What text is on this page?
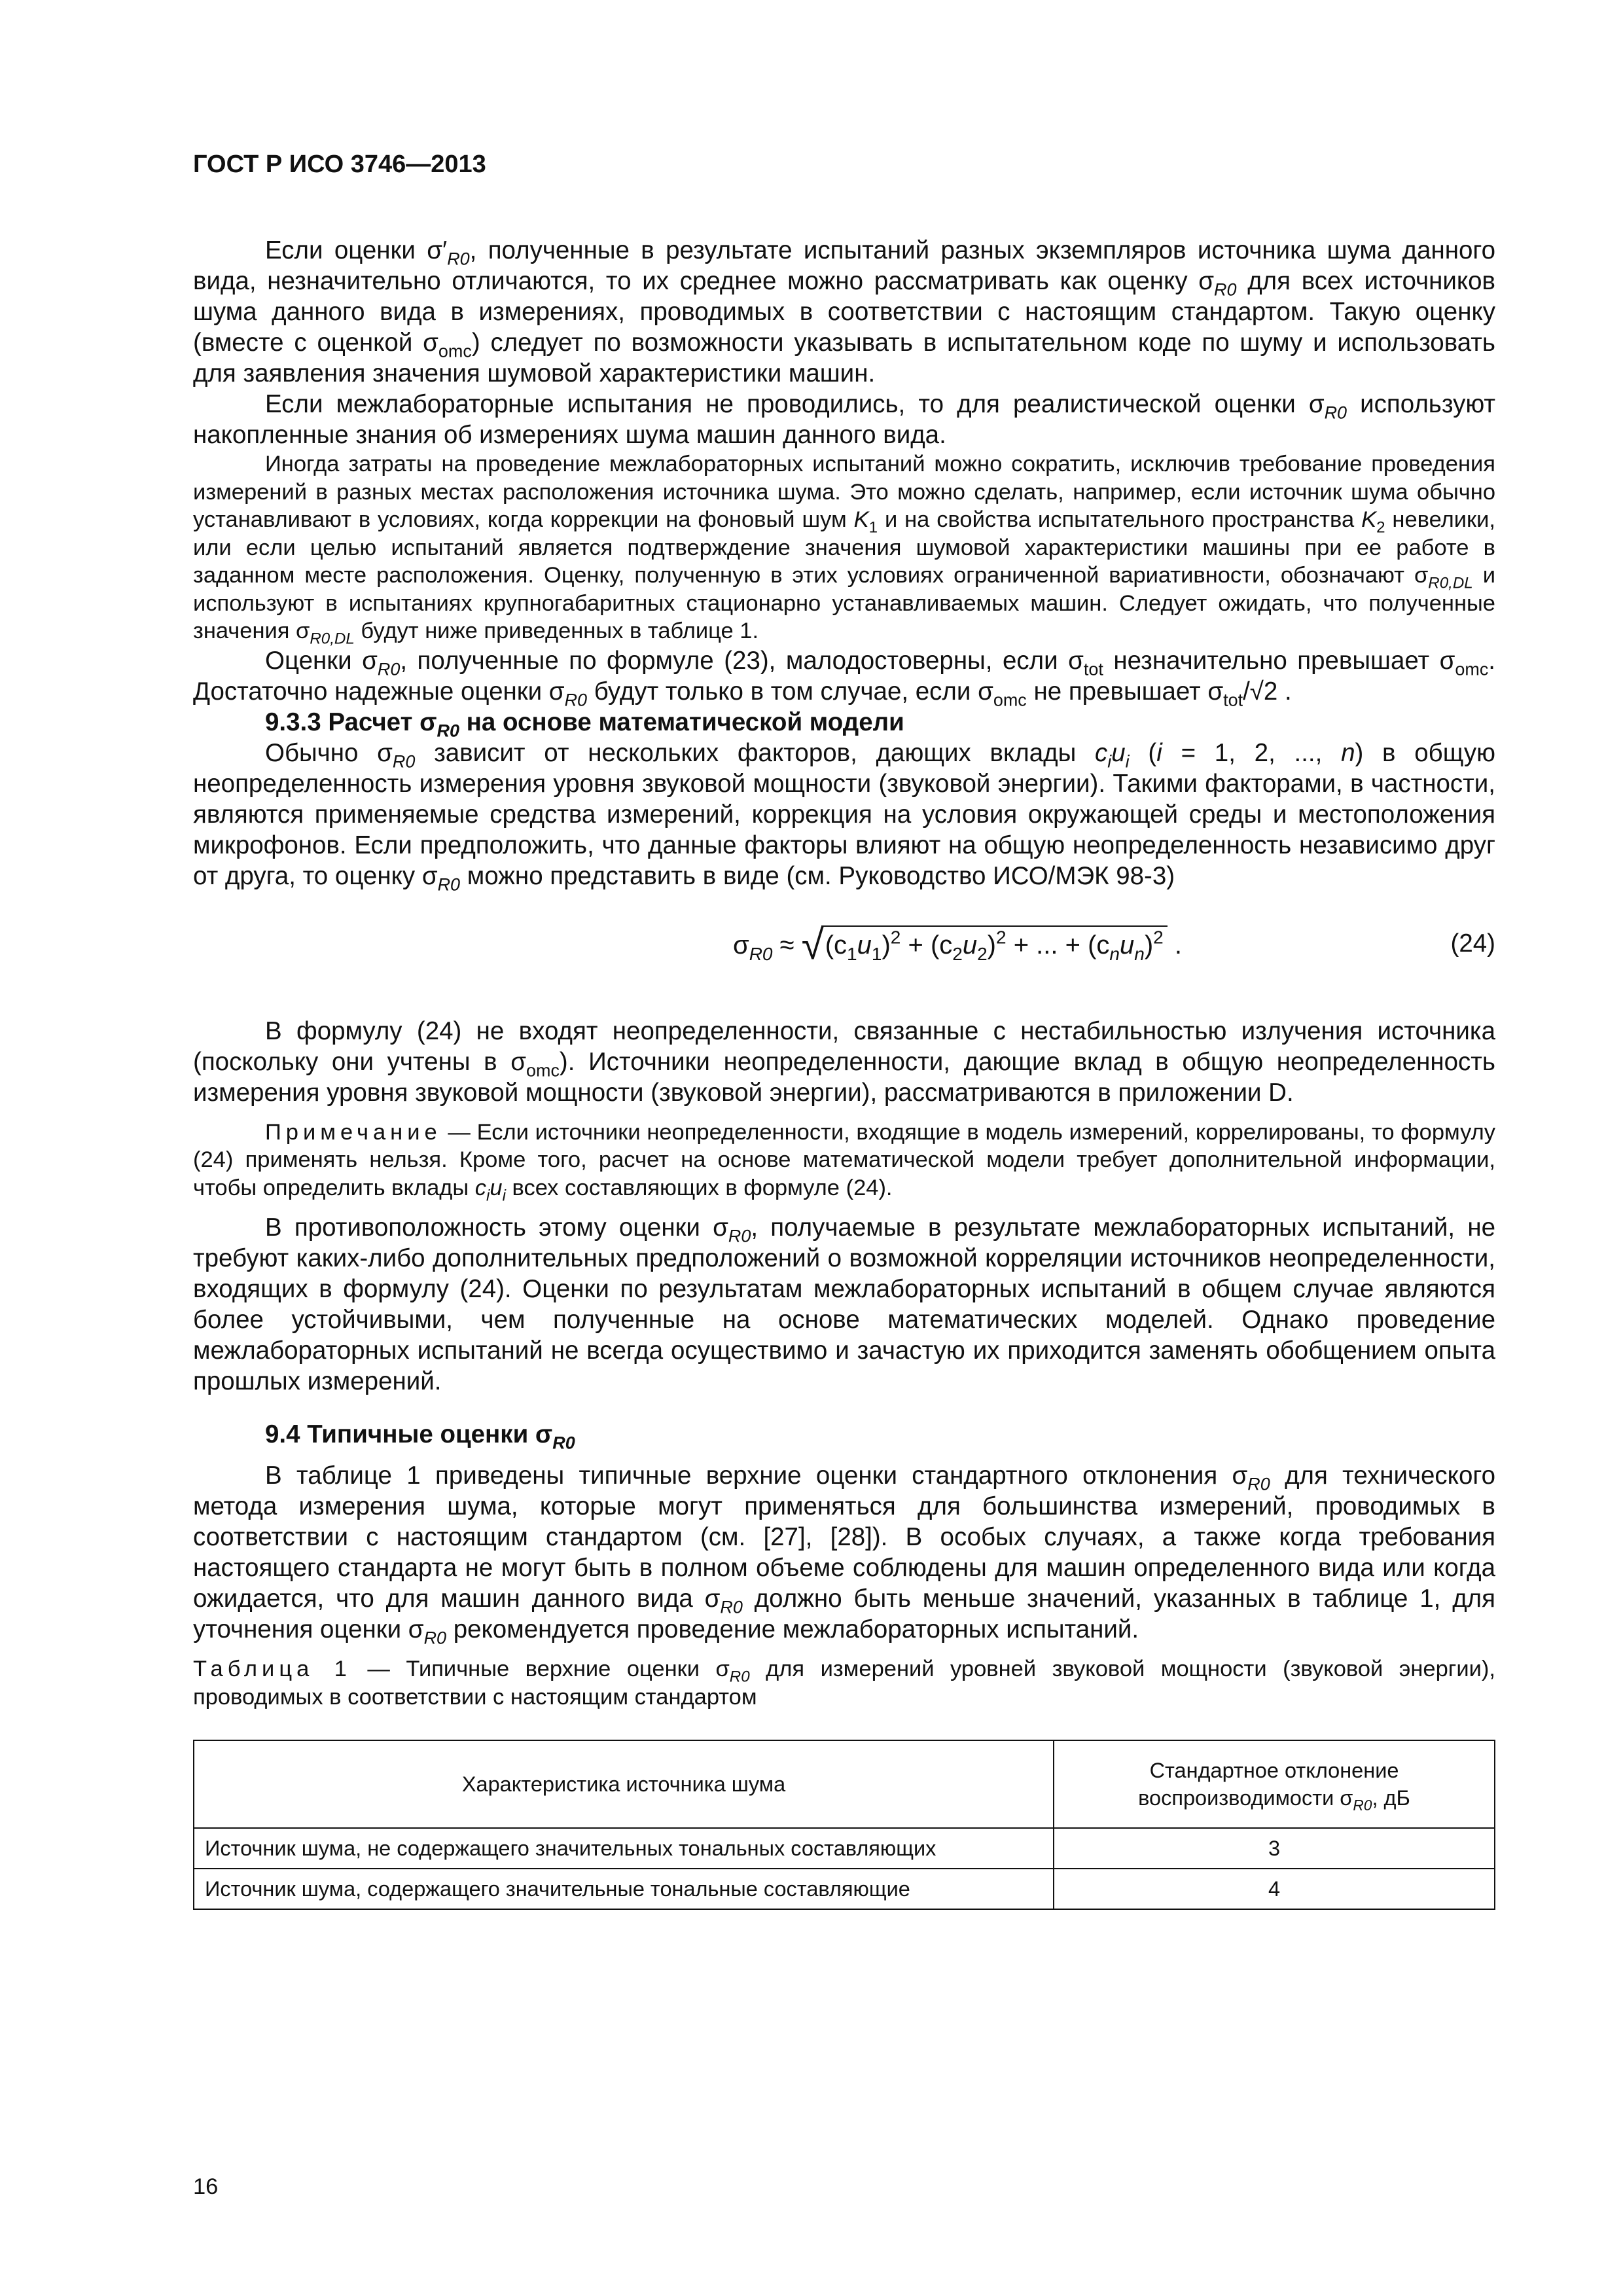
ГОСТ Р ИСО 3746—2013

Если оценки $\sigma'_{R0}$, полученные в результате испытаний разных экземпляров источника шума данного вида, незначительно отличаются, то их среднее можно рассматривать как оценку $\sigma_{R0}$ для всех источников шума данного вида в измерениях, проводимых в соответствии с настоящим стандартом. Такую оценку (вместе с оценкой $\sigma_{omc}$) следует по возможности указывать в испытательном коде по шуму и использовать для заявления значения шумовой характеристики машин.

Если межлабораторные испытания не проводились, то для реалистической оценки $\sigma_{R0}$ используют накопленные знания об измерениях шума машин данного вида.

Иногда затраты на проведение межлабораторных испытаний можно сократить, исключив требование проведения измерений в разных местах расположения источника шума. Это можно сделать, например, если источник шума обычно устанавливают в условиях, когда коррекции на фоновый шум $K_1$ и на свойства испытательного пространства $K_2$ невелики, или если целью испытаний является подтверждение значения шумовой характеристики машины при ее работе в заданном месте расположения. Оценку, полученную в этих условиях ограниченной вариативности, обозначают $\sigma_{R0,DL}$ и используют в испытаниях крупногабаритных стационарно устанавливаемых машин. Следует ожидать, что полученные значения $\sigma_{R0,DL}$ будут ниже приведенных в таблице 1.

Оценки $\sigma_{R0}$, полученные по формуле (23), малодостоверны, если $\sigma_{tot}$ незначительно превышает $\sigma_{omc}$. Достаточно надежные оценки $\sigma_{R0}$ будут только в том случае, если $\sigma_{omc}$ не превышает $\sigma_{tot}/√2$ .

9.3.3 Расчет $\sigma_{R0}$ на основе математической модели

Обычно $\sigma_{R0}$ зависит от нескольких факторов, дающих вклады $c_iu_i$ (i = 1, 2, ..., n) в общую неопределенность измерения уровня звуковой мощности (звуковой энергии). Такими факторами, в частности, являются применяемые средства измерений, коррекция на условия окружающей среды и местоположения микрофонов. Если предположить, что данные факторы влияют на общую неопределенность независимо друг от друга, то оценку $\sigma_{R0}$ можно представить в виде (см. Руководство ИСО/МЭК 98-3)

$\sigma_{R0} \approx √(c_1u_1)^2 + (c_2u_2)^2$ + ... + $(c_nu_n)^2$ .	(24)

В формулу (24) не входят неопределенности, связанные с нестабильностью излучения источника (поскольку они учтены в $\sigma_{omc}$). Источники неопределенности, дающие вклад в общую неопределенность измерения уровня звуковой мощности (звуковой энергии), рассматриваются в приложении D.

Примечание — Если источники неопределенности, входящие в модель измерений, коррелированы, то формулу (24) применять нельзя. Кроме того, расчет на основе математической модели требует дополнительной информации, чтобы определить вклады $c_iu_i$ всех составляющих в формуле (24).

В противоположность этому оценки $\sigma_{R0}$, получаемые в результате межлабораторных испытаний, не требуют каких-либо дополнительных предположений о возможной корреляции источников неопределенности, входящих в формулу (24). Оценки по результатам межлабораторных испытаний в общем случае являются более устойчивыми, чем полученные на основе математических моделей. Однако проведение межлабораторных испытаний не всегда осуществимо и зачастую их приходится заменять обобщением опыта прошлых измерений.

9.4 Типичные оценки $\sigma_{R0}$

В таблице 1 приведены типичные верхние оценки стандартного отклонения $\sigma_{R0}$ для технического метода измерения шума, которые могут применяться для большинства измерений, проводимых в соответствии с настоящим стандартом (см. [27], [28]). В особых случаях, а также когда требования настоящего стандарта не могут быть в полном объеме соблюдены для машин определенного вида или когда ожидается, что для машин данного вида $\sigma_{R0}$ должно быть меньше значений, указанных в таблице 1, для уточнения оценки $\sigma_{R0}$ рекомендуется проведение межлабораторных испытаний.

Таблица 1 — Типичные верхние оценки $\sigma_{R0}$ для измерений уровней звуковой мощности (звуковой энергии), проводимых в соответствии с настоящим стандартом

Характеристика источника шума	Стандартное отклонение воспроизводимости $\sigma_{R0}$, дБ
Источник шума, не содержащего значительных тональных составляющих	3
Источник шума, содержащего значительные тональные составляющие	4
16
